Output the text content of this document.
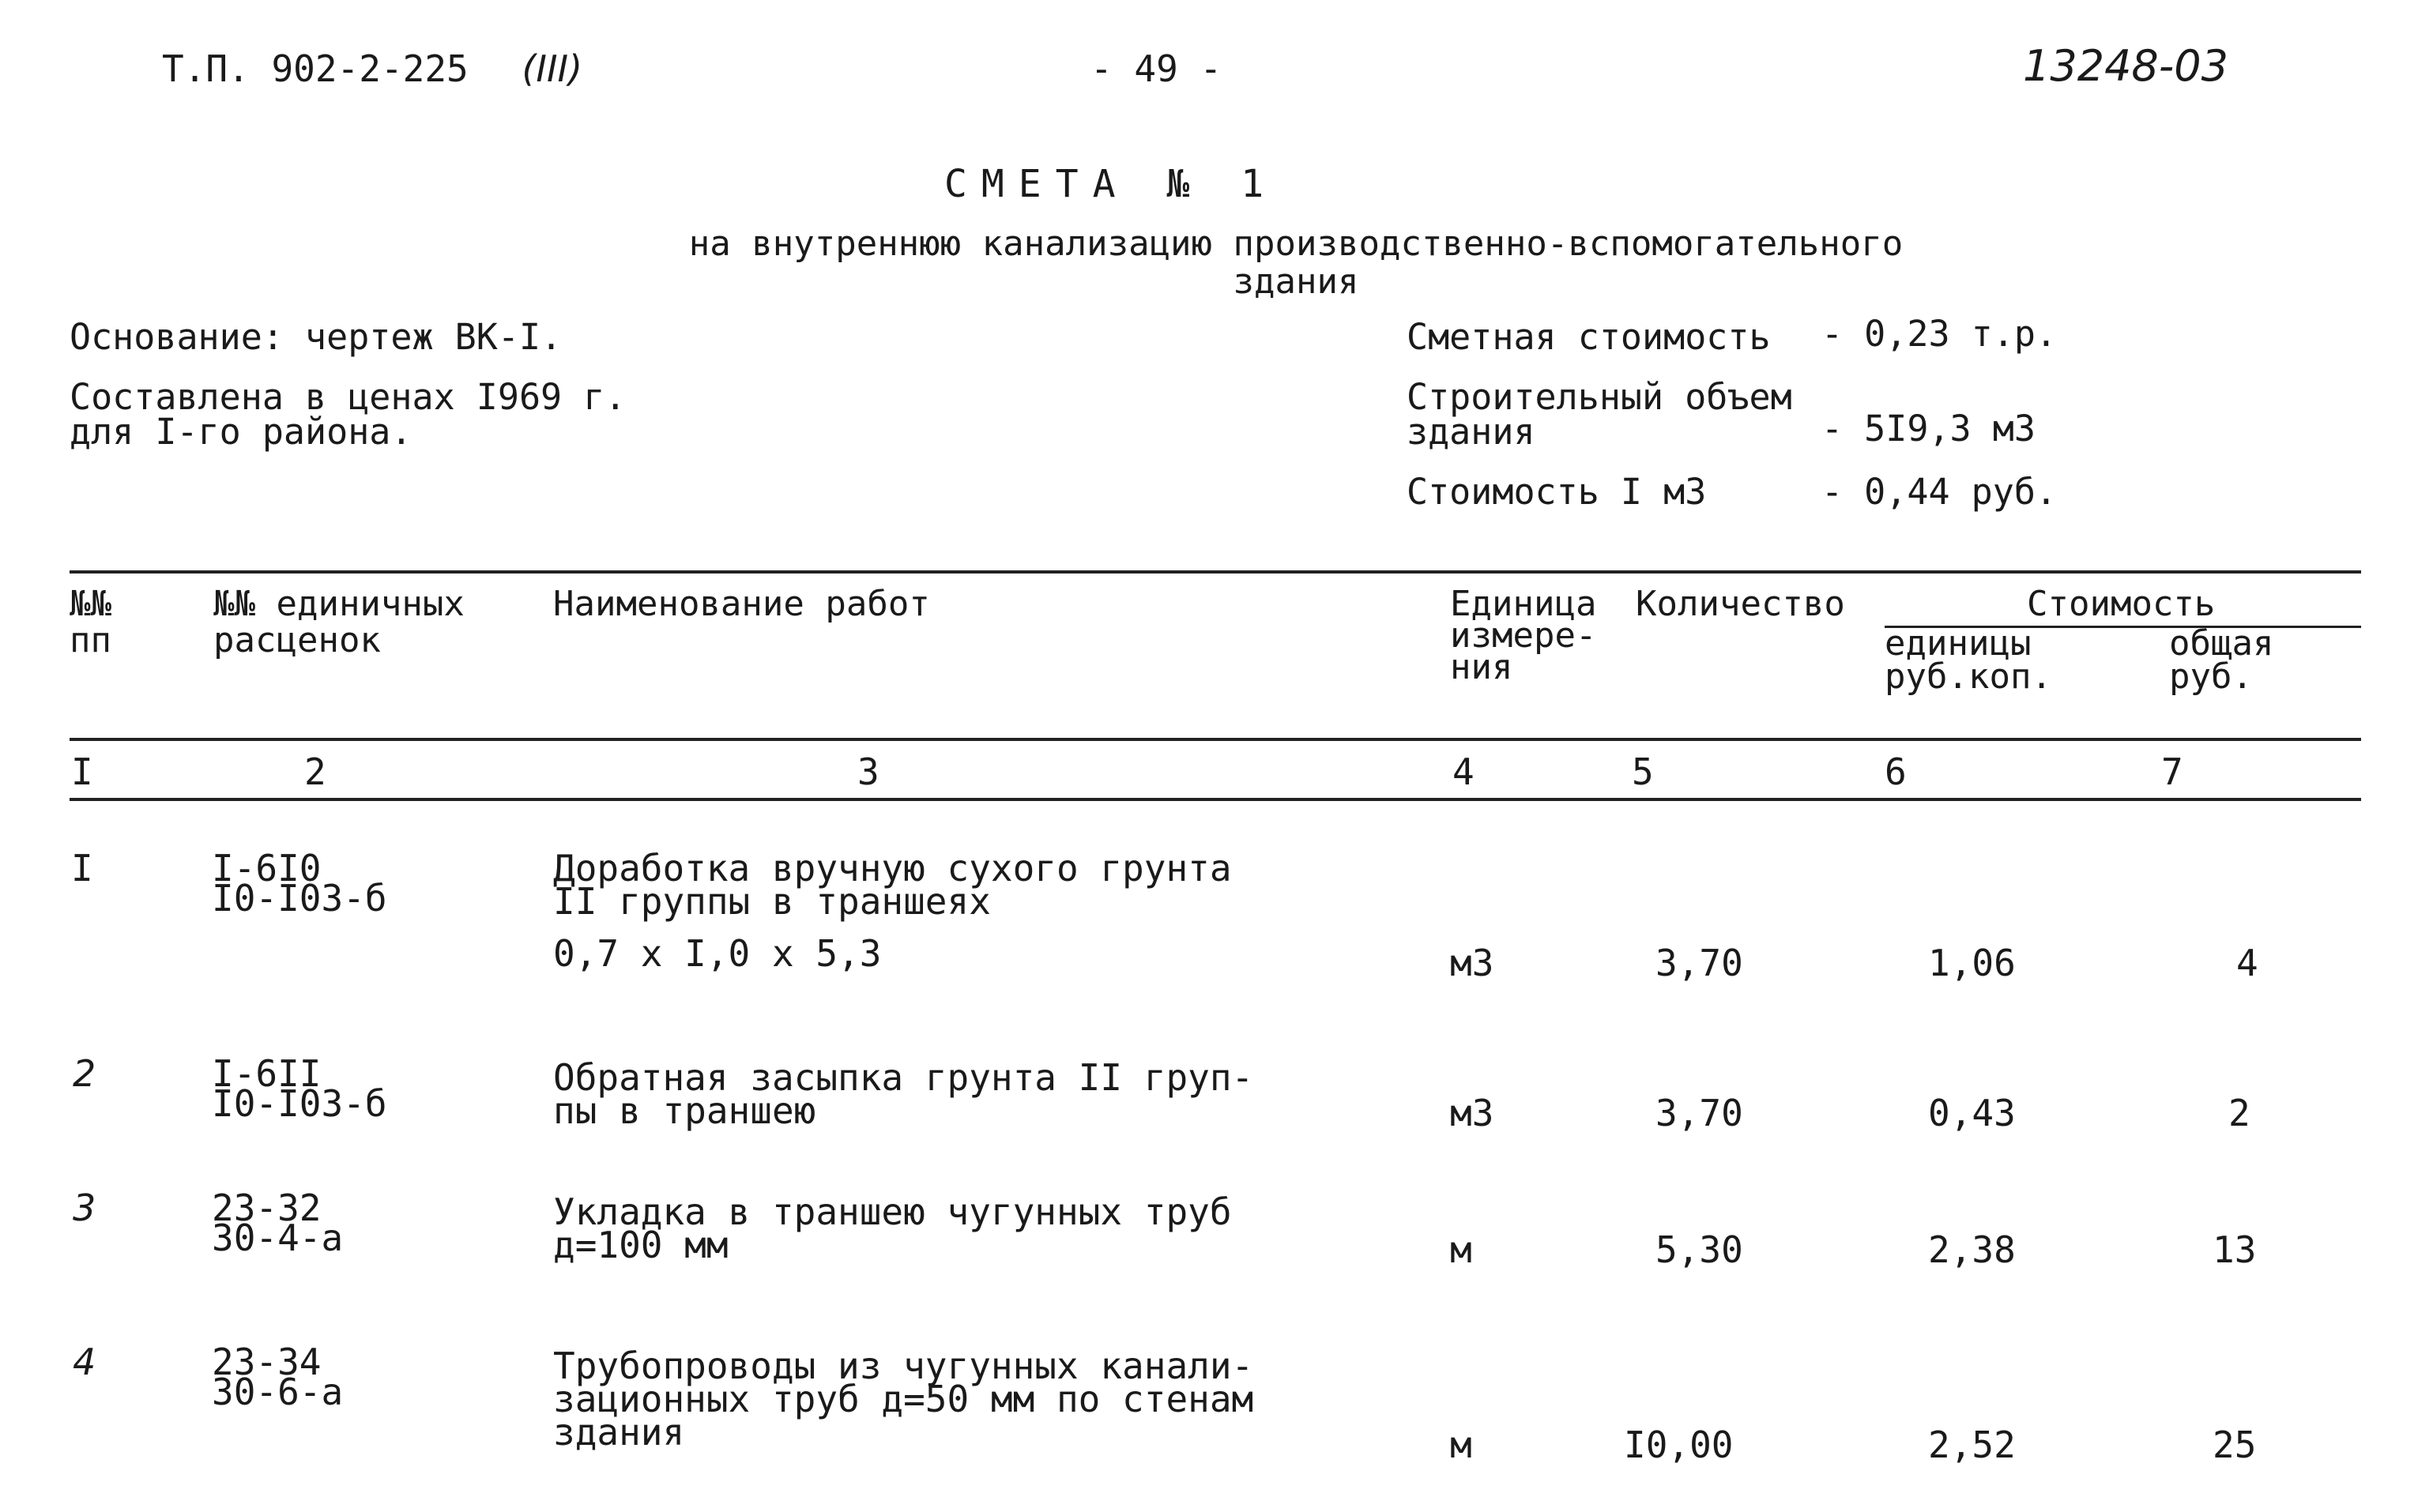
Т.П. 902-2-225 (III)	- 49 -	13248-03
СМЕТА № 1
на внутреннюю канализацию производственно-вспомогательного
здания
Основание: чертеж ВК-I.
Составлена в ценах I969 г.
для I-го района.
Сметная стоимость - 0,23 т.р.
Строительный объем
здания	- 5I9,3 м3
Стоимость I м3	- 0,44 руб.
№№
пп
№№ единичных
расценок
Наименование работ	Единица
измере-
ния
Количество	Стоимость
единицы
руб.коп.
общая
руб.
I	2	3	4	5	6	7
I	I-6I0
I0-I03-б
Доработка вручную сухого грунта
II группы в траншеях
0,7 х I,0 х 5,3	м3	3,70	1,06	4
2	I-6II
I0-I03-б
Обратная засыпка грунта II груп-
пы в траншею	м3	3,70	0,43	2
3	23-32
30-4-а
Укладка в траншею чугунных труб
д=100 мм	м	5,30	2,38	13
4	23-34
30-6-а
Трубопроводы из чугунных канали-
зационных труб д=50 мм по стенам
здания	м	I0,00	2,52	25
